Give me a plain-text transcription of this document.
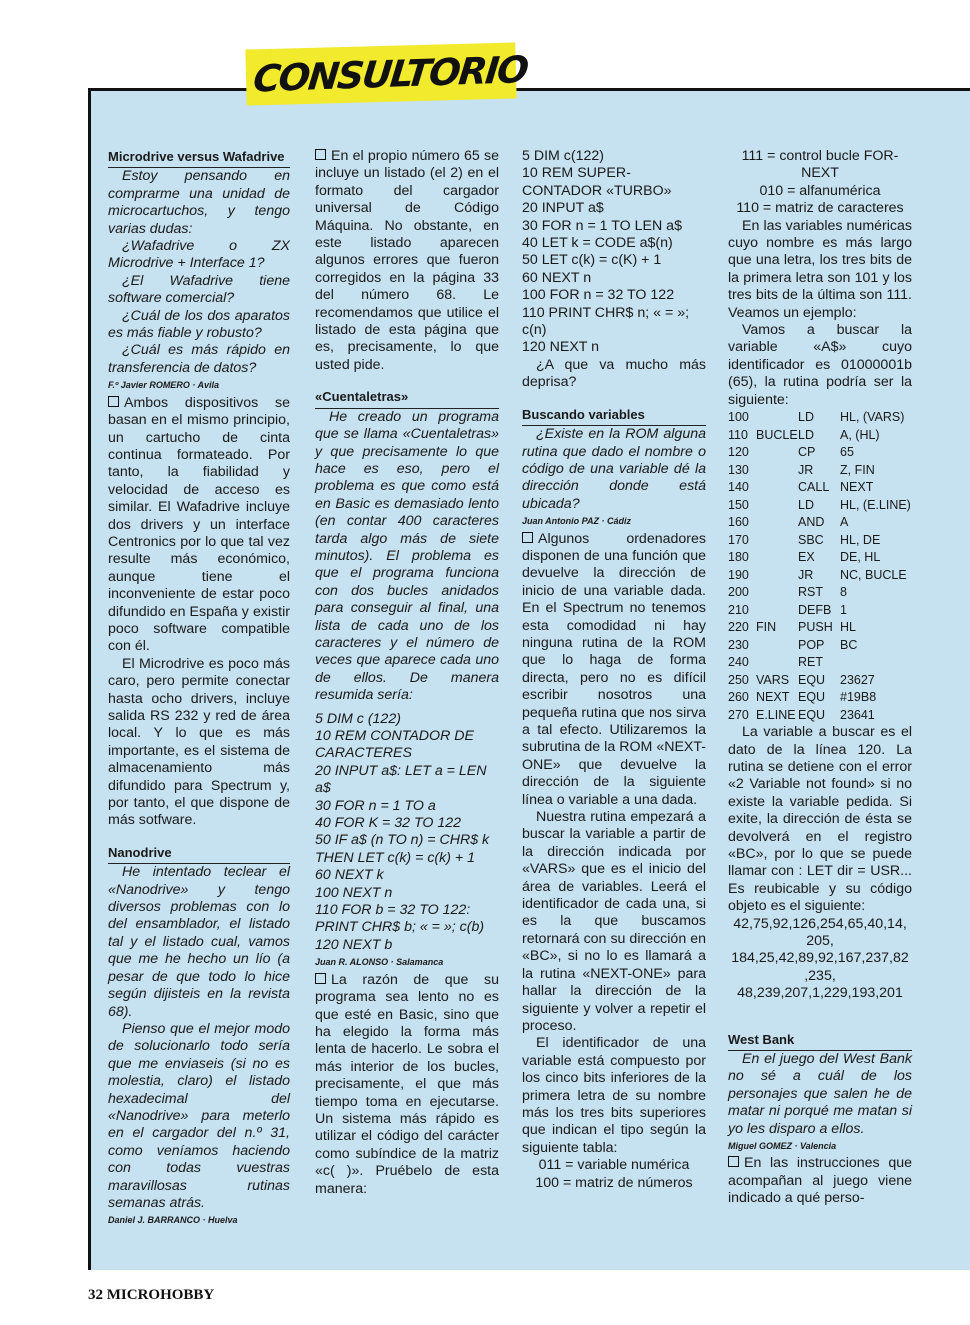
CONSULTORIO

Microdrive versus Wafadrive

Estoy pensando en comprarme una unidad de microcartuchos, y tengo varias dudas:

¿Wafadrive o ZX Microdrive + Interface 1?

¿El Wafadrive tiene software comercial?

¿Cuál de los dos aparatos es más fiable y robusto?

¿Cuál es más rápido en transferencia de datos?

F.º Javier ROMERO · Avila

Ambos dispositivos se basan en el mismo principio, un cartucho de cinta continua formateado. Por tanto, la fiabilidad y velocidad de acceso es similar. El Wafadrive incluye dos drivers y un interface Centronics por lo que tal vez resulte más económico, aunque tiene el inconveniente de estar poco difundido en España y existir poco software compatible con él.

El Microdrive es poco más caro, pero permite conectar hasta ocho drivers, incluye salida RS 232 y red de área local. Y lo que es más importante, es el sistema de almacenamiento más difundido para Spectrum y, por tanto, el que dispone de más sotfware.

Nanodrive

He intentado teclear el «Nanodrive» y tengo diversos problemas con lo del ensamblador, el listado tal y el listado cual, vamos que me he hecho un lío (a pesar de que todo lo hice según dijisteis en la revista 68).

Pienso que el mejor modo de solucionarlo todo sería que me enviaseis (si no es molestia, claro) el listado hexadecimal del «Nanodrive» para meterlo en el cargador del n.º 31, como veníamos haciendo con todas vuestras maravillosas rutinas semanas atrás.

Daniel J. BARRANCO · Huelva

En el propio número 65 se incluye un listado (el 2) en el formato del cargador universal de Código Máquina. No obstante, en este listado aparecen algunos errores que fueron corregidos en la página 33 del número 68. Le recomendamos que utilice el listado de esta página que es, precisamente, lo que usted pide.

«Cuentaletras»

He creado un programa que se llama «Cuentaletras» y que precisamente lo que hace es eso, pero el problema es que como está en Basic es demasiado lento (en contar 400 caracteres tarda algo más de siete minutos). El problema es que el programa funciona con dos bucles anidados para conseguir al final, una lista de cada uno de los caracteres y el número de veces que aparece cada uno de ellos. De manera resumida sería:

5 DIM c (122)

10 REM CONTADOR DE CARACTERES

20 INPUT a$: LET a = LEN a$

30 FOR n = 1 TO a

40 FOR K = 32 TO 122

50 IF a$ (n TO n) = CHR$ k THEN LET c(k) = c(k) + 1

60 NEXT k

100 NEXT n

110 FOR b = 32 TO 122: PRINT CHR$ b; « = »; c(b)

120 NEXT b

Juan R. ALONSO · Salamanca

La razón de que su programa sea lento no es que esté en Basic, sino que ha elegido la forma más lenta de hacerlo. Le sobra el más interior de los bucles, precisamente, el que más tiempo toma en ejecutarse. Un sistema más rápido es utilizar el código del carácter como subíndice de la matriz «c( )». Pruébelo de esta manera:

5 DIM c(122)

10 REM SUPER-CONTADOR «TURBO»

20 INPUT a$

30 FOR n = 1 TO LEN a$

40 LET k = CODE a$(n)

50 LET c(k) = c(K) + 1

60 NEXT n

100 FOR n = 32 TO 122

110 PRINT CHR$ n; « = »; c(n)

120 NEXT n

¿A que va mucho más deprisa?

Buscando variables

¿Existe en la ROM alguna rutina que dado el nombre o código de una variable dé la dirección donde está ubicada?

Juan Antonio PAZ · Cádiz

Algunos ordenadores disponen de una función que devuelve la dirección de inicio de una variable dada. En el Spectrum no tenemos esta comodidad ni hay ninguna rutina de la ROM que lo haga de forma directa, pero no es difícil escribir nosotros una pequeña rutina que nos sirva a tal efecto. Utilizaremos la subrutina de la ROM «NEXT-ONE» que devuelve la dirección de la siguiente línea o variable a una dada.

Nuestra rutina empezará a buscar la variable a partir de la dirección indicada por «VARS» que es el inicio del área de variables. Leerá el identificador de cada una, si es la que buscamos retornará con su dirección en «BC», si no lo es llamará a la rutina «NEXT-ONE» para hallar la dirección de la siguiente y volver a repetir el proceso.

El identificador de una variable está compuesto por los cinco bits inferiores de la primera letra de su nombre más los tres bits superiores que indican el tipo según la siguiente tabla:

011 = variable numérica

100 = matriz de números

111 = control bucle FOR-NEXT

010 = alfanumérica

110 = matriz de caracteres

En las variables numéricas cuyo nombre es más largo que una letra, los tres bits de la primera letra son 101 y los tres bits de la última son 111. Veamos un ejemplo:

Vamos a buscar la variable «A$» cuyo identificador es 01000001b (65), la rutina podría ser la siguiente:

100	LD	HL, (VARS)
110 BUCLE LD	A, (HL)
120	CP	65
130	JR	Z, FIN
140	CALL NEXT
150	LD	HL, (E.LINE)
160	AND	A
170	SBC	HL, DE
180	EX	DE, HL
190	JR	NC, BUCLE
200	RST	8
210	DEFB 1
220 FIN	PUSH HL
230	POP	BC
240	RET
250 VARS EQU	23627
260 NEXT EQU	#19B8
270 E.LINE EQU	23641

La variable a buscar es el dato de la línea 120. La rutina se detiene con el error «2 Variable not found» si no existe la variable pedida. Si exite, la dirección de ésta se devolverá en el registro «BC», por lo que se puede llamar con : LET dir = USR... Es reubicable y su código objeto es el siguiente:

42,75,92,126,254,65,40,14,

205,

184,25,42,89,92,167,237,82

,235,

48,239,207,1,229,193,201

West Bank

En el juego del West Bank no sé a cuál de los personajes que salen he de matar ni porqué me matan si yo les disparo a ellos.

Miguel GOMEZ · Valencia

En las instrucciones que acompañan al juego viene indicado a qué perso-

32 MICROHOBBY
